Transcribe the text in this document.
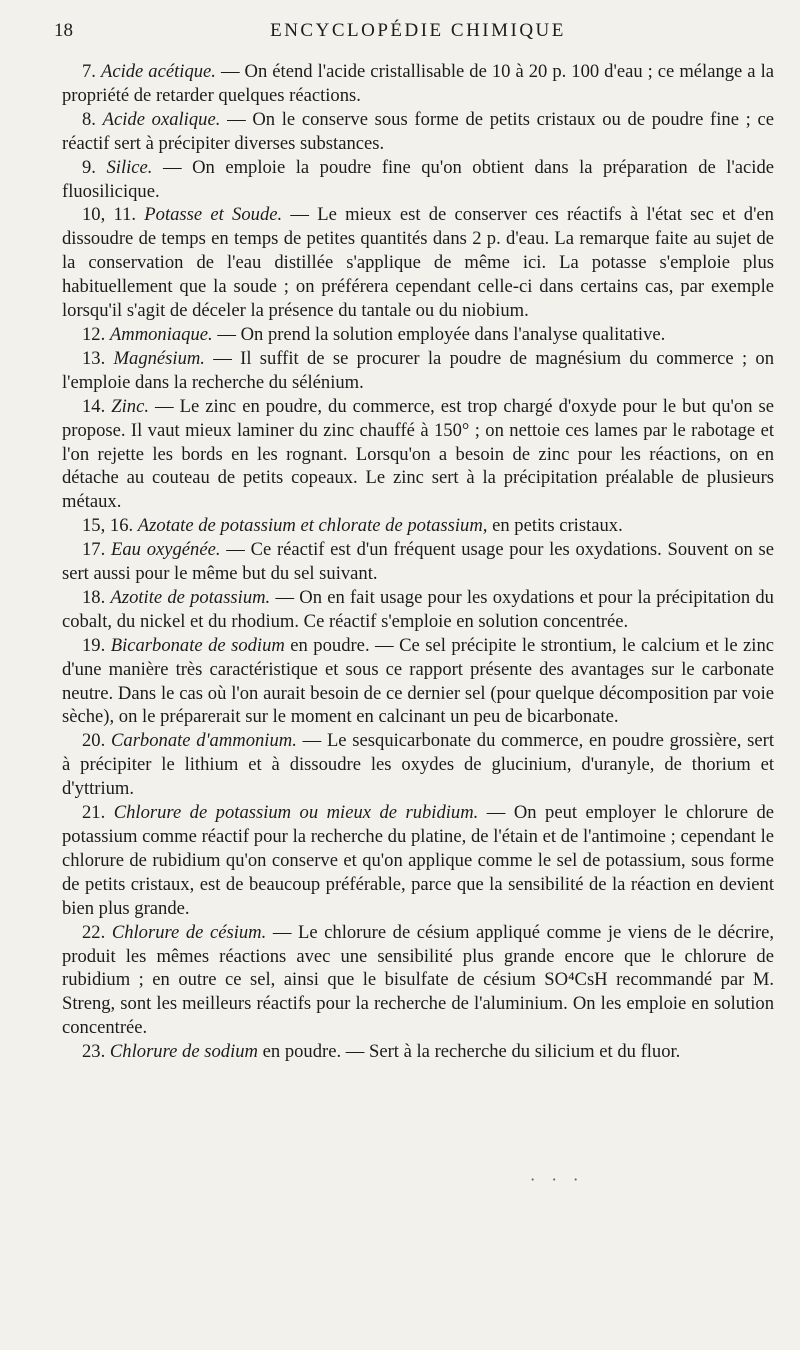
18	ENCYCLOPÉDIE CHIMIQUE

7. Acide acétique. — On étend l'acide cristallisable de 10 à 20 p. 100 d'eau ; ce mélange a la propriété de retarder quelques réactions.

8. Acide oxalique. — On le conserve sous forme de petits cristaux ou de poudre fine ; ce réactif sert à précipiter diverses substances.

9. Silice. — On emploie la poudre fine qu'on obtient dans la préparation de l'acide fluosilicique.

10, 11. Potasse et Soude. — Le mieux est de conserver ces réactifs à l'état sec et d'en dissoudre de temps en temps de petites quantités dans 2 p. d'eau. La remarque faite au sujet de la conservation de l'eau distillée s'applique de même ici. La potasse s'emploie plus habituellement que la soude ; on préférera cependant celle-ci dans certains cas, par exemple lorsqu'il s'agit de déceler la présence du tantale ou du niobium.

12. Ammoniaque. — On prend la solution employée dans l'analyse qualitative.

13. Magnésium. — Il suffit de se procurer la poudre de magnésium du commerce ; on l'emploie dans la recherche du sélénium.

14. Zinc. — Le zinc en poudre, du commerce, est trop chargé d'oxyde pour le but qu'on se propose. Il vaut mieux laminer du zinc chauffé à 150° ; on nettoie ces lames par le rabotage et l'on rejette les bords en les rognant. Lorsqu'on a besoin de zinc pour les réactions, on en détache au couteau de petits copeaux. Le zinc sert à la précipitation préalable de plusieurs métaux.

15, 16. Azotate de potassium et chlorate de potassium, en petits cristaux.

17. Eau oxygénée. — Ce réactif est d'un fréquent usage pour les oxydations. Souvent on se sert aussi pour le même but du sel suivant.

18. Azotite de potassium. — On en fait usage pour les oxydations et pour la précipitation du cobalt, du nickel et du rhodium. Ce réactif s'emploie en solution concentrée.

19. Bicarbonate de sodium en poudre. — Ce sel précipite le strontium, le calcium et le zinc d'une manière très caractéristique et sous ce rapport présente des avantages sur le carbonate neutre. Dans le cas où l'on aurait besoin de ce dernier sel (pour quelque décomposition par voie sèche), on le préparerait sur le moment en calcinant un peu de bicarbonate.

20. Carbonate d'ammonium. — Le sesquicarbonate du commerce, en poudre grossière, sert à précipiter le lithium et à dissoudre les oxydes de glucinium, d'uranyle, de thorium et d'yttrium.

21. Chlorure de potassium ou mieux de rubidium. — On peut employer le chlorure de potassium comme réactif pour la recherche du platine, de l'étain et de l'antimoine ; cependant le chlorure de rubidium qu'on conserve et qu'on applique comme le sel de potassium, sous forme de petits cristaux, est de beaucoup préférable, parce que la sensibilité de la réaction en devient bien plus grande.

22. Chlorure de césium. — Le chlorure de césium appliqué comme je viens de le décrire, produit les mêmes réactions avec une sensibilité plus grande encore que le chlorure de rubidium ; en outre ce sel, ainsi que le bisulfate de césium SO⁴CsH recommandé par M. Streng, sont les meilleurs réactifs pour la recherche de l'aluminium. On les emploie en solution concentrée.

23. Chlorure de sodium en poudre. — Sert à la recherche du silicium et du fluor.

⋅ ⋅ ⋅
